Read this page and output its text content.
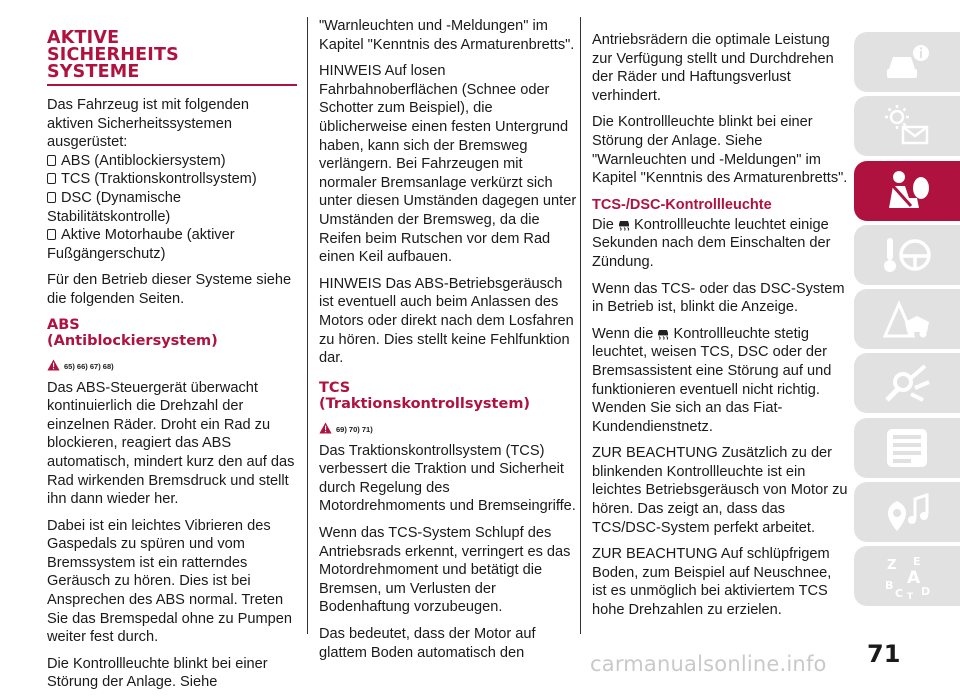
AKTIVE
SICHERHEITS
SYSTEME

Das Fahrzeug ist mit folgenden aktiven Sicherheitssystemen ausgerüstet:

ABS (Antiblockiersystem)
TCS (Traktionskontrollsystem)
DSC (Dynamische
Stabilitätskontrolle)
Aktive Motorhaube (aktiver
Fußgängerschutz)

Für den Betrieb dieser Systeme siehe die folgenden Seiten.

ABS
(Antiblockiersystem)
65) 66) 67) 68)

Das ABS-Steuergerät überwacht kontinuierlich die Drehzahl der einzelnen Räder. Droht ein Rad zu blockieren, reagiert das ABS automatisch, mindert kurz den auf das Rad wirkenden Bremsdruck und stellt ihn dann wieder her.

Dabei ist ein leichtes Vibrieren des Gaspedals zu spüren und vom Bremssystem ist ein ratterndes Geräusch zu hören. Dies ist bei Ansprechen des ABS normal. Treten Sie das Bremspedal ohne zu Pumpen weiter fest durch.

Die Kontrollleuchte blinkt bei einer Störung der Anlage. Siehe

"Warnleuchten und -Meldungen" im Kapitel "Kenntnis des Armaturenbretts".

HINWEIS Auf losen Fahrbahnoberflächen (Schnee oder Schotter zum Beispiel), die üblicherweise einen festen Untergrund haben, kann sich der Bremsweg verlängern. Bei Fahrzeugen mit normaler Bremsanlage verkürzt sich unter diesen Umständen dagegen unter Umständen der Bremsweg, da die Reifen beim Rutschen vor dem Rad einen Keil aufbauen.

HINWEIS Das ABS-Betriebsgeräusch ist eventuell auch beim Anlassen des Motors oder direkt nach dem Losfahren zu hören. Dies stellt keine Fehlfunktion dar.

TCS
(Traktionskontrollsystem)
69) 70) 71)

Das Traktionskontrollsystem (TCS) verbessert die Traktion und Sicherheit durch Regelung des Motordrehmoments und Bremseingriffe.

Wenn das TCS-System Schlupf des Antriebsrads erkennt, verringert es das Motordrehmoment und betätigt die Bremsen, um Verlusten der Bodenhaftung vorzubeugen.

Das bedeutet, dass der Motor auf glattem Boden automatisch den

Antriebsrädern die optimale Leistung zur Verfügung stellt und Durchdrehen der Räder und Haftungsverlust verhindert.

Die Kontrollleuchte blinkt bei einer Störung der Anlage. Siehe "Warnleuchten und -Meldungen" im Kapitel "Kenntnis des Armaturenbretts".

TCS-/DSC-Kontrollleuchte

Die Kontrollleuchte leuchtet einige Sekunden nach dem Einschalten der Zündung.

Wenn das TCS- oder das DSC-System in Betrieb ist, blinkt die Anzeige.

Wenn die Kontrollleuchte stetig leuchtet, weisen TCS, DSC oder der Bremsassistent eine Störung auf und funktionieren eventuell nicht richtig. Wenden Sie sich an das Fiat-Kundendienstnetz.

ZUR BEACHTUNG Zusätzlich zu der blinkenden Kontrollleuchte ist ein leichtes Betriebsgeräusch von Motor zu hören. Das zeigt an, dass das TCS/DSC-System perfekt arbeitet.

ZUR BEACHTUNG Auf schlüpfrigem Boden, zum Beispiel auf Neuschnee, ist es unmöglich bei aktiviertem TCS hohe Drehzahlen zu erzielen.

Z E
B A
C D
T
71
carmanualsonline.info
